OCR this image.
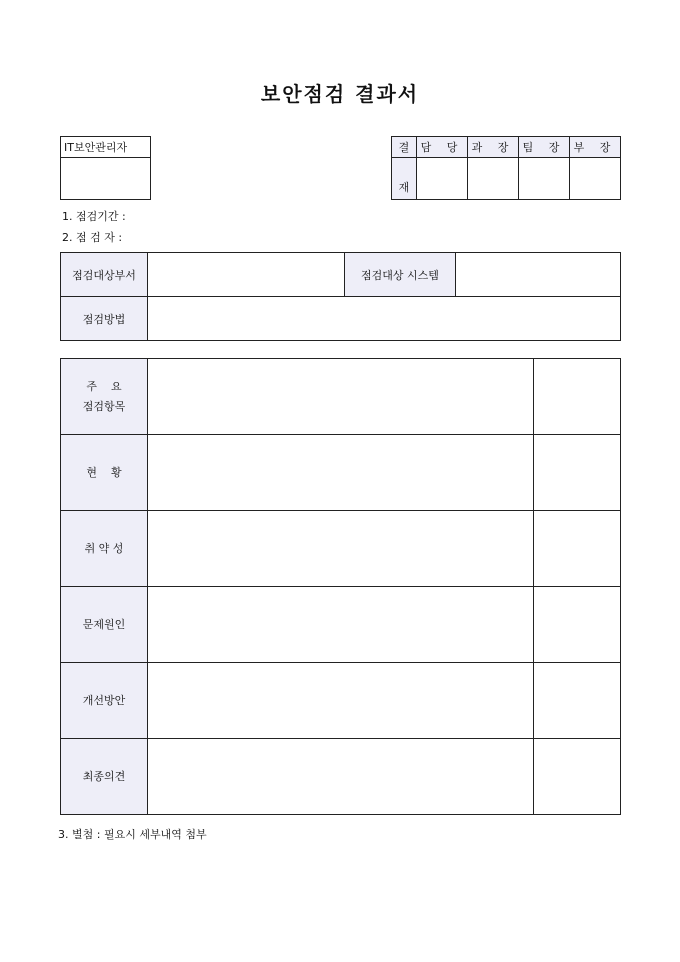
보안점검 결과서
IT보안관리자	결	담 당	과 장	팀 장	부 장
재				
1. 점검기간 :
2. 점 검 자 :
점검대상부서		점검대상 시스템	
점검방법			
주    요
점검항목		

현    황		

취 약 성		

문제원인		

개선방안		

최종의견		

3. 별첨 : 필요시 세부내역 첨부
